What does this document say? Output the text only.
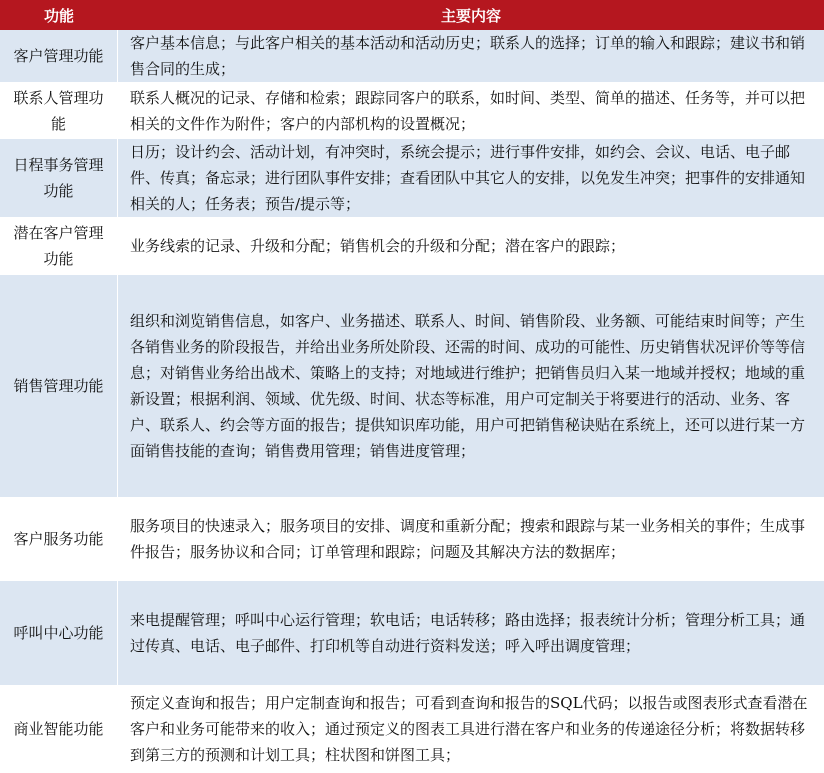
功能	主要内容
客户管理功能
客户基本信息；与此客户相关的基本活动和活动历史；联系人的选择；订单的输入和跟踪；建议书和销售合同的生成；
联系人管理功能
联系人概况的记录、存储和检索；跟踪同客户的联系，如时间、类型、简单的描述、任务等，并可以把相关的文件作为附件；客户的内部机构的设置概况；
日程事务管理功能
日历；设计约会、活动计划，有冲突时，系统会提示；进行事件安排，如约会、会议、电话、电子邮件、传真；备忘录；进行团队事件安排；查看团队中其它人的安排，以免发生冲突；把事件的安排通知相关的人；任务表；预告/提示等；
潜在客户管理功能
业务线索的记录、升级和分配；销售机会的升级和分配；潜在客户的跟踪；
销售管理功能
组织和浏览销售信息，如客户、业务描述、联系人、时间、销售阶段、业务额、可能结束时间等；产生各销售业务的阶段报告，并给出业务所处阶段、还需的时间、成功的可能性、历史销售状况评价等等信息；对销售业务给出战术、策略上的支持；对地域进行维护；把销售员归入某一地域并授权；地域的重新设置；根据利润、领域、优先级、时间、状态等标准，用户可定制关于将要进行的活动、业务、客户、联系人、约会等方面的报告；提供知识库功能，用户可把销售秘诀贴在系统上，还可以进行某一方面销售技能的查询；销售费用管理；销售进度管理；
客户服务功能
服务项目的快速录入；服务项目的安排、调度和重新分配；搜索和跟踪与某一业务相关的事件；生成事件报告；服务协议和合同；订单管理和跟踪；问题及其解决方法的数据库；
呼叫中心功能
来电提醒管理；呼叫中心运行管理；软电话；电话转移；路由选择；报表统计分析；管理分析工具；通过传真、电话、电子邮件、打印机等自动进行资料发送；呼入呼出调度管理；
商业智能功能
预定义查询和报告；用户定制查询和报告；可看到查询和报告的SQL代码；以报告或图表形式查看潜在客户和业务可能带来的收入；通过预定义的图表工具进行潜在客户和业务的传递途径分析；将数据转移到第三方的预测和计划工具；柱状图和饼图工具；
